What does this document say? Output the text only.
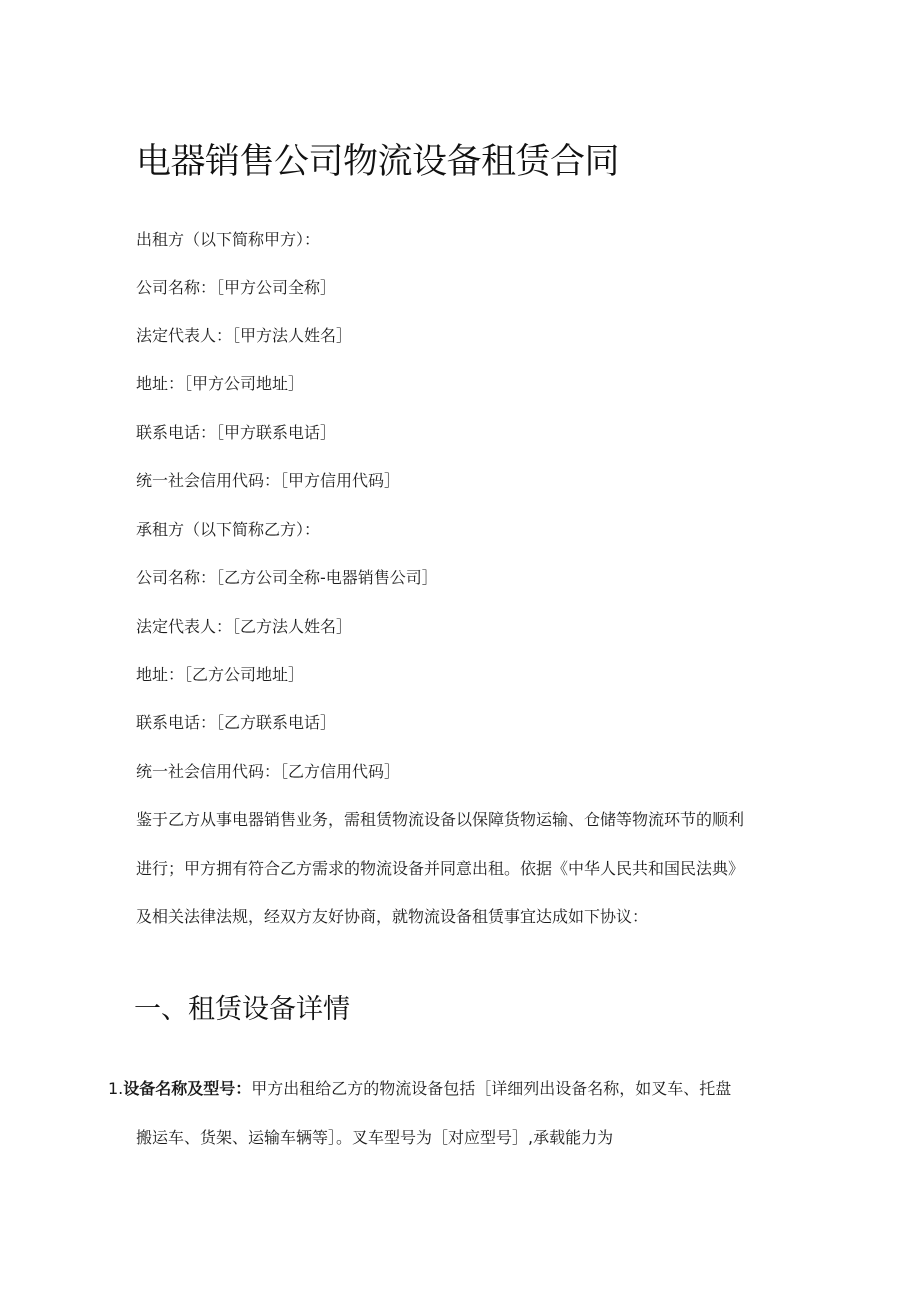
电器销售公司物流设备租赁合同

出租方（以下简称甲方）：

公司名称：［甲方公司全称］

法定代表人：［甲方法人姓名］

地址：［甲方公司地址］

联系电话：［甲方联系电话］

统一社会信用代码：［甲方信用代码］

承租方（以下简称乙方）：

公司名称：［乙方公司全称-电器销售公司］

法定代表人：［乙方法人姓名］

地址：［乙方公司地址］

联系电话：［乙方联系电话］

统一社会信用代码：［乙方信用代码］

鉴于乙方从事电器销售业务，需租赁物流设备以保障货物运输、仓储等物流环节的顺利

进行；甲方拥有符合乙方需求的物流设备并同意出租。依据《中华人民共和国民法典》

及相关法律法规，经双方友好协商，就物流设备租赁事宜达成如下协议：

一、租赁设备详情

1.设备名称及型号：甲方出租给乙方的物流设备包括［详细列出设备名称，如叉车、托盘

搬运车、货架、运输车辆等］。叉车型号为［对应型号］,承载能力为
